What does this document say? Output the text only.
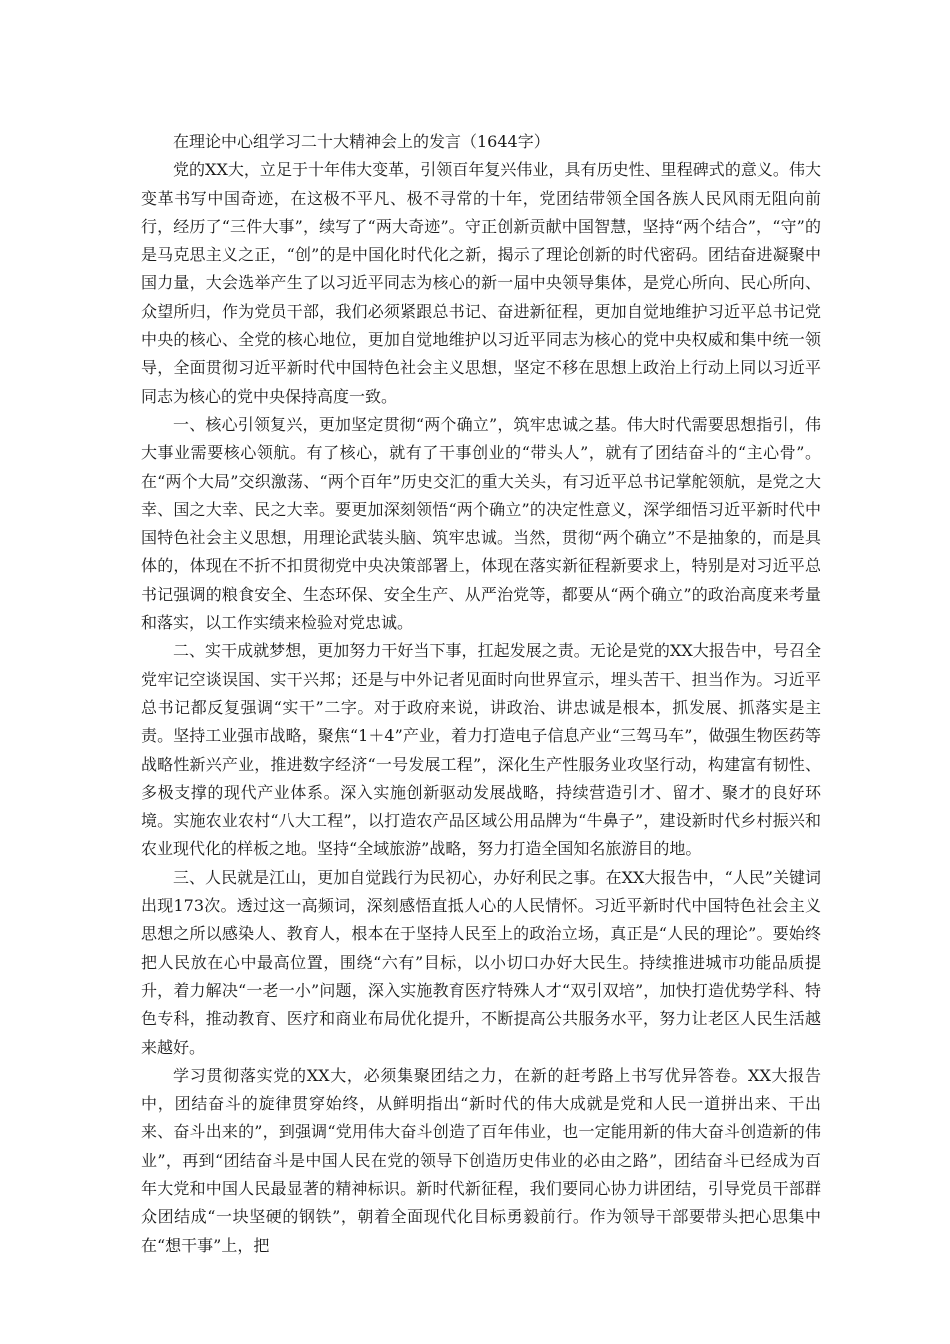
在理论中心组学习二十大精神会上的发言（1644字）

党的XX大，立足于十年伟大变革，引领百年复兴伟业，具有历史性、里程碑式的意义。伟大变革书写中国奇迹，在这极不平凡、极不寻常的十年，党团结带领全国各族人民风雨无阻向前行，经历了“三件大事”，续写了“两大奇迹”。守正创新贡献中国智慧，坚持“两个结合”，“守”的是马克思主义之正，“创”的是中国化时代化之新，揭示了理论创新的时代密码。团结奋进凝聚中国力量，大会选举产生了以习近平同志为核心的新一届中央领导集体，是党心所向、民心所向、众望所归，作为党员干部，我们必须紧跟总书记、奋进新征程，更加自觉地维护习近平总书记党中央的核心、全党的核心地位，更加自觉地维护以习近平同志为核心的党中央权威和集中统一领导，全面贯彻习近平新时代中国特色社会主义思想，坚定不移在思想上政治上行动上同以习近平同志为核心的党中央保持高度一致。

一、核心引领复兴，更加坚定贯彻“两个确立”，筑牢忠诚之基。伟大时代需要思想指引，伟大事业需要核心领航。有了核心，就有了干事创业的“带头人”，就有了团结奋斗的“主心骨”。在“两个大局”交织激荡、“两个百年”历史交汇的重大关头，有习近平总书记掌舵领航，是党之大幸、国之大幸、民之大幸。要更加深刻领悟“两个确立”的决定性意义，深学细悟习近平新时代中国特色社会主义思想，用理论武装头脑、筑牢忠诚。当然，贯彻“两个确立”不是抽象的，而是具体的，体现在不折不扣贯彻党中央决策部署上，体现在落实新征程新要求上，特别是对习近平总书记强调的粮食安全、生态环保、安全生产、从严治党等，都要从“两个确立”的政治高度来考量和落实，以工作实绩来检验对党忠诚。

二、实干成就梦想，更加努力干好当下事，扛起发展之责。无论是党的XX大报告中，号召全党牢记空谈误国、实干兴邦；还是与中外记者见面时向世界宣示，埋头苦干、担当作为。习近平总书记都反复强调“实干”二字。对于政府来说，讲政治、讲忠诚是根本，抓发展、抓落实是主责。坚持工业强市战略，聚焦“1＋4”产业，着力打造电子信息产业“三驾马车”，做强生物医药等战略性新兴产业，推进数字经济“一号发展工程”，深化生产性服务业攻坚行动，构建富有韧性、多极支撑的现代产业体系。深入实施创新驱动发展战略，持续营造引才、留才、聚才的良好环境。实施农业农村“八大工程”，以打造农产品区域公用品牌为“牛鼻子”，建设新时代乡村振兴和农业现代化的样板之地。坚持“全域旅游”战略，努力打造全国知名旅游目的地。

三、人民就是江山，更加自觉践行为民初心，办好利民之事。在XX大报告中，“人民”关键词出现173次。透过这一高频词，深刻感悟直抵人心的人民情怀。习近平新时代中国特色社会主义思想之所以感染人、教育人，根本在于坚持人民至上的政治立场，真正是“人民的理论”。要始终把人民放在心中最高位置，围绕“六有”目标，以小切口办好大民生。持续推进城市功能品质提升，着力解决“一老一小”问题，深入实施教育医疗特殊人才“双引双培”，加快打造优势学科、特色专科，推动教育、医疗和商业布局优化提升，不断提高公共服务水平，努力让老区人民生活越来越好。

学习贯彻落实党的XX大，必须集聚团结之力，在新的赶考路上书写优异答卷。XX大报告中，团结奋斗的旋律贯穿始终，从鲜明指出“新时代的伟大成就是党和人民一道拼出来、干出来、奋斗出来的”，到强调“党用伟大奋斗创造了百年伟业，也一定能用新的伟大奋斗创造新的伟业”，再到“团结奋斗是中国人民在党的领导下创造历史伟业的必由之路”，团结奋斗已经成为百年大党和中国人民最显著的精神标识。新时代新征程，我们要同心协力讲团结，引导党员干部群众团结成“一块坚硬的钢铁”，朝着全面现代化目标勇毅前行。作为领导干部要带头把心思集中在“想干事”上，把
